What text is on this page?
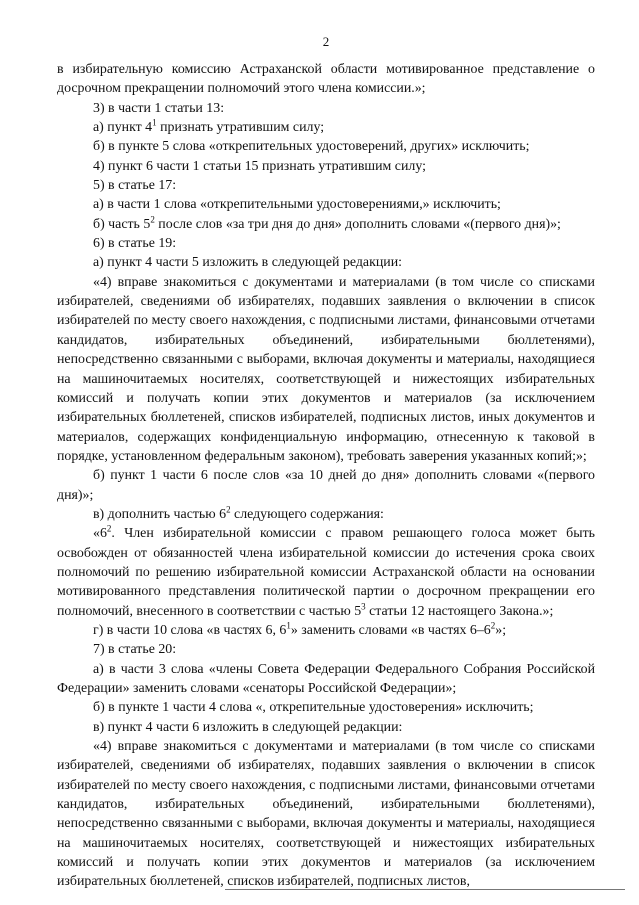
2

в избирательную комиссию Астраханской области мотивированное представление о досрочном прекращении полномочий этого члена комиссии.»;

3) в части 1 статьи 13:

а) пункт $4^1$ признать утратившим силу;

б) в пункте 5 слова «открепительных удостоверений, других» исключить;

4) пункт 6 части 1 статьи 15 признать утратившим силу;

5) в статье 17:

а) в части 1 слова «открепительными удостоверениями,» исключить;

б) часть $5^2$ после слов «за три дня до дня» дополнить словами «(первого дня)»;

6) в статье 19:

а) пункт 4 части 5 изложить в следующей редакции:

«4) вправе знакомиться с документами и материалами (в том числе со списками избирателей, сведениями об избирателях, подавших заявления о включении в список избирателей по месту своего нахождения, с подписными листами, финансовыми отчетами кандидатов, избирательных объединений, избирательными бюллетенями), непосредственно связанными с выборами, включая документы и материалы, находящиеся на машиночитаемых носителях, соответствующей и нижестоящих избирательных комиссий и получать копии этих документов и материалов (за исключением избирательных бюллетеней, списков избирателей, подписных листов, иных документов и материалов, содержащих конфиденциальную информацию, отнесенную к таковой в порядке, установленном федеральным законом), требовать заверения указанных копий;»;

б) пункт 1 части 6 после слов «за 10 дней до дня» дополнить словами «(первого дня)»;

в) дополнить частью $6^2$ следующего содержания:

«$6^2$. Член избирательной комиссии с правом решающего голоса может быть освобожден от обязанностей члена избирательной комиссии до истечения срока своих полномочий по решению избирательной комиссии Астраханской области на основании мотивированного представления политической партии о досрочном прекращении его полномочий, внесенного в соответствии с частью $5^3$ статьи 12 настоящего Закона.»;

г) в части 10 слова «в частях 6, $6^1$» заменить словами «в частях $6-6^2$»;

7) в статье 20:

а) в части 3 слова «члены Совета Федерации Федерального Собрания Российской Федерации» заменить словами «сенаторы Российской Федерации»;

б) в пункте 1 части 4 слова «, открепительные удостоверения» исключить;

в) пункт 4 части 6 изложить в следующей редакции:

«4) вправе знакомиться с документами и материалами (в том числе со списками избирателей, сведениями об избирателях, подавших заявления о включении в список избирателей по месту своего нахождения, с подписными листами, финансовыми отчетами кандидатов, избирательных объединений, избирательными бюллетенями), непосредственно связанными с выборами, включая документы и материалы, находящиеся на машиночитаемых носителях, соответствующей и нижестоящих избирательных комиссий и получать копии этих документов и материалов (за исключением избирательных бюллетеней, списков избирателей, подписных листов,
